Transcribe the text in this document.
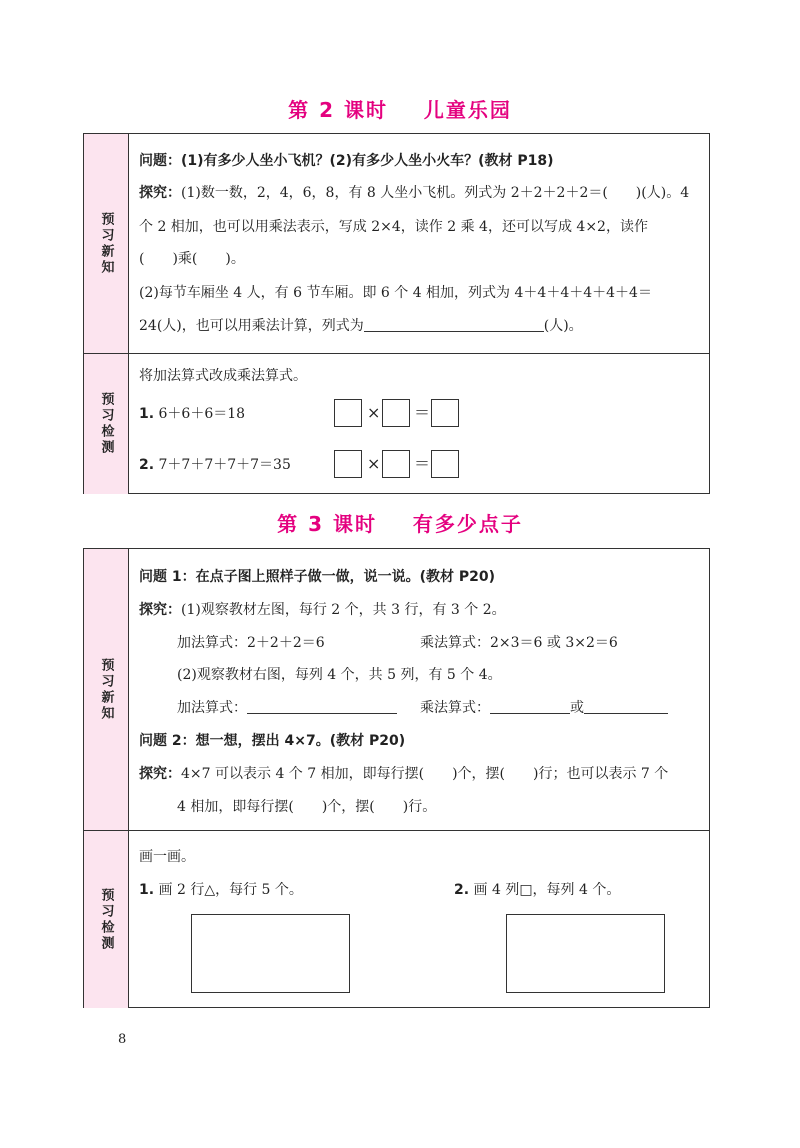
第 2 课时    儿童乐园
预习新知
问题：(1)有多少人坐小飞机？(2)有多少人坐小火车？(教材 P18)
探究：(1)数一数，2，4，6，8，有 8 人坐小飞机。列式为 2＋2＋2＋2＝(　　)(人)。4
个 2 相加，也可以用乘法表示，写成 2×4，读作 2 乘 4，还可以写成 4×2，读作
(　　)乘(　　)。
(2)每节车厢坐 4 人，有 6 节车厢。即 6 个 4 相加，列式为 4＋4＋4＋4＋4＋4＝
24(人)，也可以用乘法计算，列式为	(人)。
预习检测
将加法算式改成乘法算式。
1. 6＋6＋6＝18	× ＝
2. 7＋7＋7＋7＋7＝35	× ＝
第 3 课时    有多少点子
预习新知
问题 1：在点子图上照样子做一做，说一说。(教材 P20)
探究：(1)观察教材左图，每行 2 个，共 3 行，有 3 个 2。
加法算式：2＋2＋2＝6	乘法算式：2×3＝6 或 3×2＝6
(2)观察教材右图，每列 4 个，共 5 列，有 5 个 4。
加法算式：	乘法算式：	或
问题 2：想一想，摆出 4×7。(教材 P20)
探究：4×7 可以表示 4 个 7 相加，即每行摆(　　)个，摆(　　)行；也可以表示 7 个
4 相加，即每行摆(　　)个，摆(　　)行。
预习检测
画一画。
1. 画 2 行△，每行 5 个。	2. 画 4 列□，每列 4 个。
8
